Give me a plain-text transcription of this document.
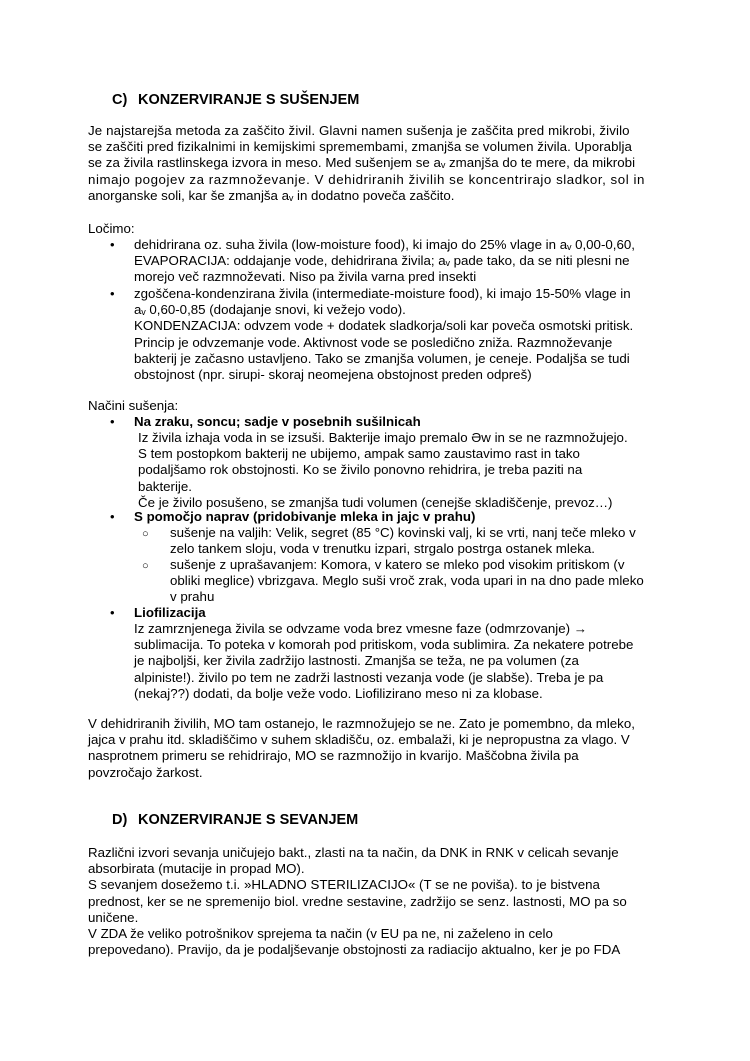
C) KONZERVIRANJE S SUŠENJEM
Je najstarejša metoda za zaščito živil. Glavni namen sušenja je zaščita pred mikrobi, živilo
se zaščiti pred fizikalnimi in kemijskimi spremembami, zmanjša se volumen živila. Uporablja
se za živila rastlinskega izvora in meso. Med sušenjem se aᵥ zmanjša do te mere, da mikrobi
nimajo pogojev za razmnoževanje. V dehidriranih živilih se koncentrirajo sladkor, sol in
anorganske soli, kar še zmanjša aᵥ in dodatno poveča zaščito.
Ločimo:
• dehidrirana oz. suha živila (low-moisture food), ki imajo do 25% vlage in aᵥ 0,00-0,60,
EVAPORACIJA: oddajanje vode, dehidrirana živila; aᵥ pade tako, da se niti plesni ne
morejo več razmnoževati. Niso pa živila varna pred insekti
• zgoščena-kondenzirana živila (intermediate-moisture food), ki imajo 15-50% vlage in
aᵥ 0,60-0,85 (dodajanje snovi, ki vežejo vodo).
KONDENZACIJA: odvzem vode + dodatek sladkorja/soli kar poveča osmotski pritisk.
Princip je odvzemanje vode. Aktivnost vode se posledično zniža. Razmnoževanje
bakterij je začasno ustavljeno. Tako se zmanjša volumen, je ceneje. Podaljša se tudi
obstojnost (npr. sirupi- skoraj neomejena obstojnost preden odpreš)
Načini sušenja:
• Na zraku, soncu; sadje v posebnih sušilnicah
Iz živila izhaja voda in se izsuši. Bakterije imajo premalo Əw in se ne razmnožujejo.
S tem postopkom bakterij ne ubijemo, ampak samo zaustavimo rast in tako
podaljšamo rok obstojnosti. Ko se živilo ponovno rehidrira, je treba paziti na
bakterije.
Če je živilo posušeno, se zmanjša tudi volumen (cenejše skladiščenje, prevoz…)
• S pomočjo naprav (pridobivanje mleka in jajc v prahu)
○ sušenje na valjih: Velik, segret (85 °C) kovinski valj, ki se vrti, nanj teče mleko v
zelo tankem sloju, voda v trenutku izpari, strgalo postrga ostanek mleka.
○ sušenje z uprašavanjem: Komora, v katero se mleko pod visokim pritiskom (v
obliki meglice) vbrizgava. Meglo suši vroč zrak, voda upari in na dno pade mleko
v prahu
• Liofilizacija
Iz zamrznjenega živila se odvzame voda brez vmesne faze (odmrzovanje) →
sublimacija. To poteka v komorah pod pritiskom, voda sublimira. Za nekatere potrebe
je najboljši, ker živila zadržijo lastnosti. Zmanjša se teža, ne pa volumen (za
alpiniste!). živilo po tem ne zadrži lastnosti vezanja vode (je slabše). Treba je pa
(nekaj??) dodati, da bolje veže vodo. Liofilizirano meso ni za klobase.
V dehidriranih živilih, MO tam ostanejo, le razmnožujejo se ne. Zato je pomembno, da mleko,
jajca v prahu itd. skladiščimo v suhem skladišču, oz. embalaži, ki je nepropustna za vlago. V
nasprotnem primeru se rehidrirajo, MO se razmnožijo in kvarijo. Maščobna živila pa
povzročajo žarkost.
D) KONZERVIRANJE S SEVANJEM
Različni izvori sevanja uničujejo bakt., zlasti na ta način, da DNK in RNK v celicah sevanje
absorbirata (mutacije in propad MO).
S sevanjem dosežemo t.i. »HLADNO STERILIZACIJO« (T se ne poviša). to je bistvena
prednost, ker se ne spremenijo biol. vredne sestavine, zadržijo se senz. lastnosti, MO pa so
uničene.
V ZDA že veliko potrošnikov sprejema ta način (v EU pa ne, ni zaželeno in celo
prepovedano). Pravijo, da je podaljševanje obstojnosti za radiacijo aktualno, ker je po FDA
